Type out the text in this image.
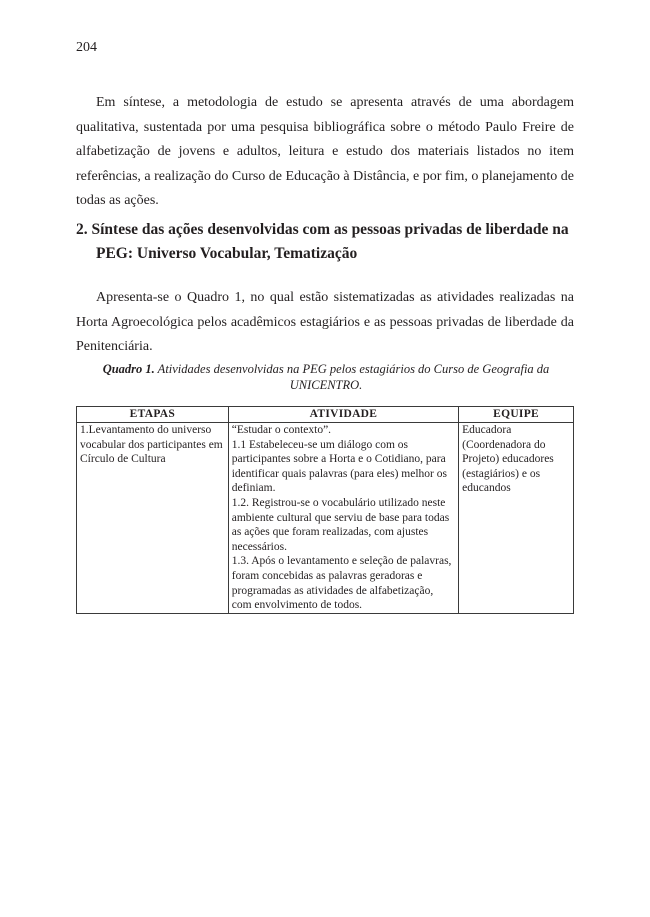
204

Em síntese, a metodologia de estudo se apresenta através de uma abordagem qualitativa, sustentada por uma pesquisa bibliográfica sobre o método Paulo Freire de alfabetização de jovens e adultos, leitura e estudo dos materiais listados no item referências, a realização do Curso de Educação à Distância, e por fim, o planejamento de todas as ações.

2. Síntese das ações desenvolvidas com as pessoas privadas de liberdade na PEG: Universo Vocabular, Tematização

Apresenta-se o Quadro 1, no qual estão sistematizadas as atividades realizadas na Horta Agroecológica pelos acadêmicos estagiários e as pessoas privadas de liberdade da Penitenciária.

Quadro 1. Atividades desenvolvidas na PEG pelos estagiários do Curso de Geografia da UNICENTRO.
ETAPAS	ATIVIDADE	EQUIPE
1.Levantamento do universo vocabular dos participantes em Círculo de Cultura	“Estudar o contexto”.
1.1 Estabeleceu-se um diálogo com os participantes sobre a Horta e o Cotidiano, para identificar quais palavras (para eles) melhor os definiam.
1.2. Registrou-se o vocabulário utilizado neste ambiente cultural que serviu de base para todas as ações que foram realizadas, com ajustes necessários.
1.3. Após o levantamento e seleção de palavras, foram concebidas as palavras geradoras e programadas as atividades de alfabetização, com envolvimento de todos.	Educadora (Coordenadora do Projeto) educadores (estagiários) e os educandos
